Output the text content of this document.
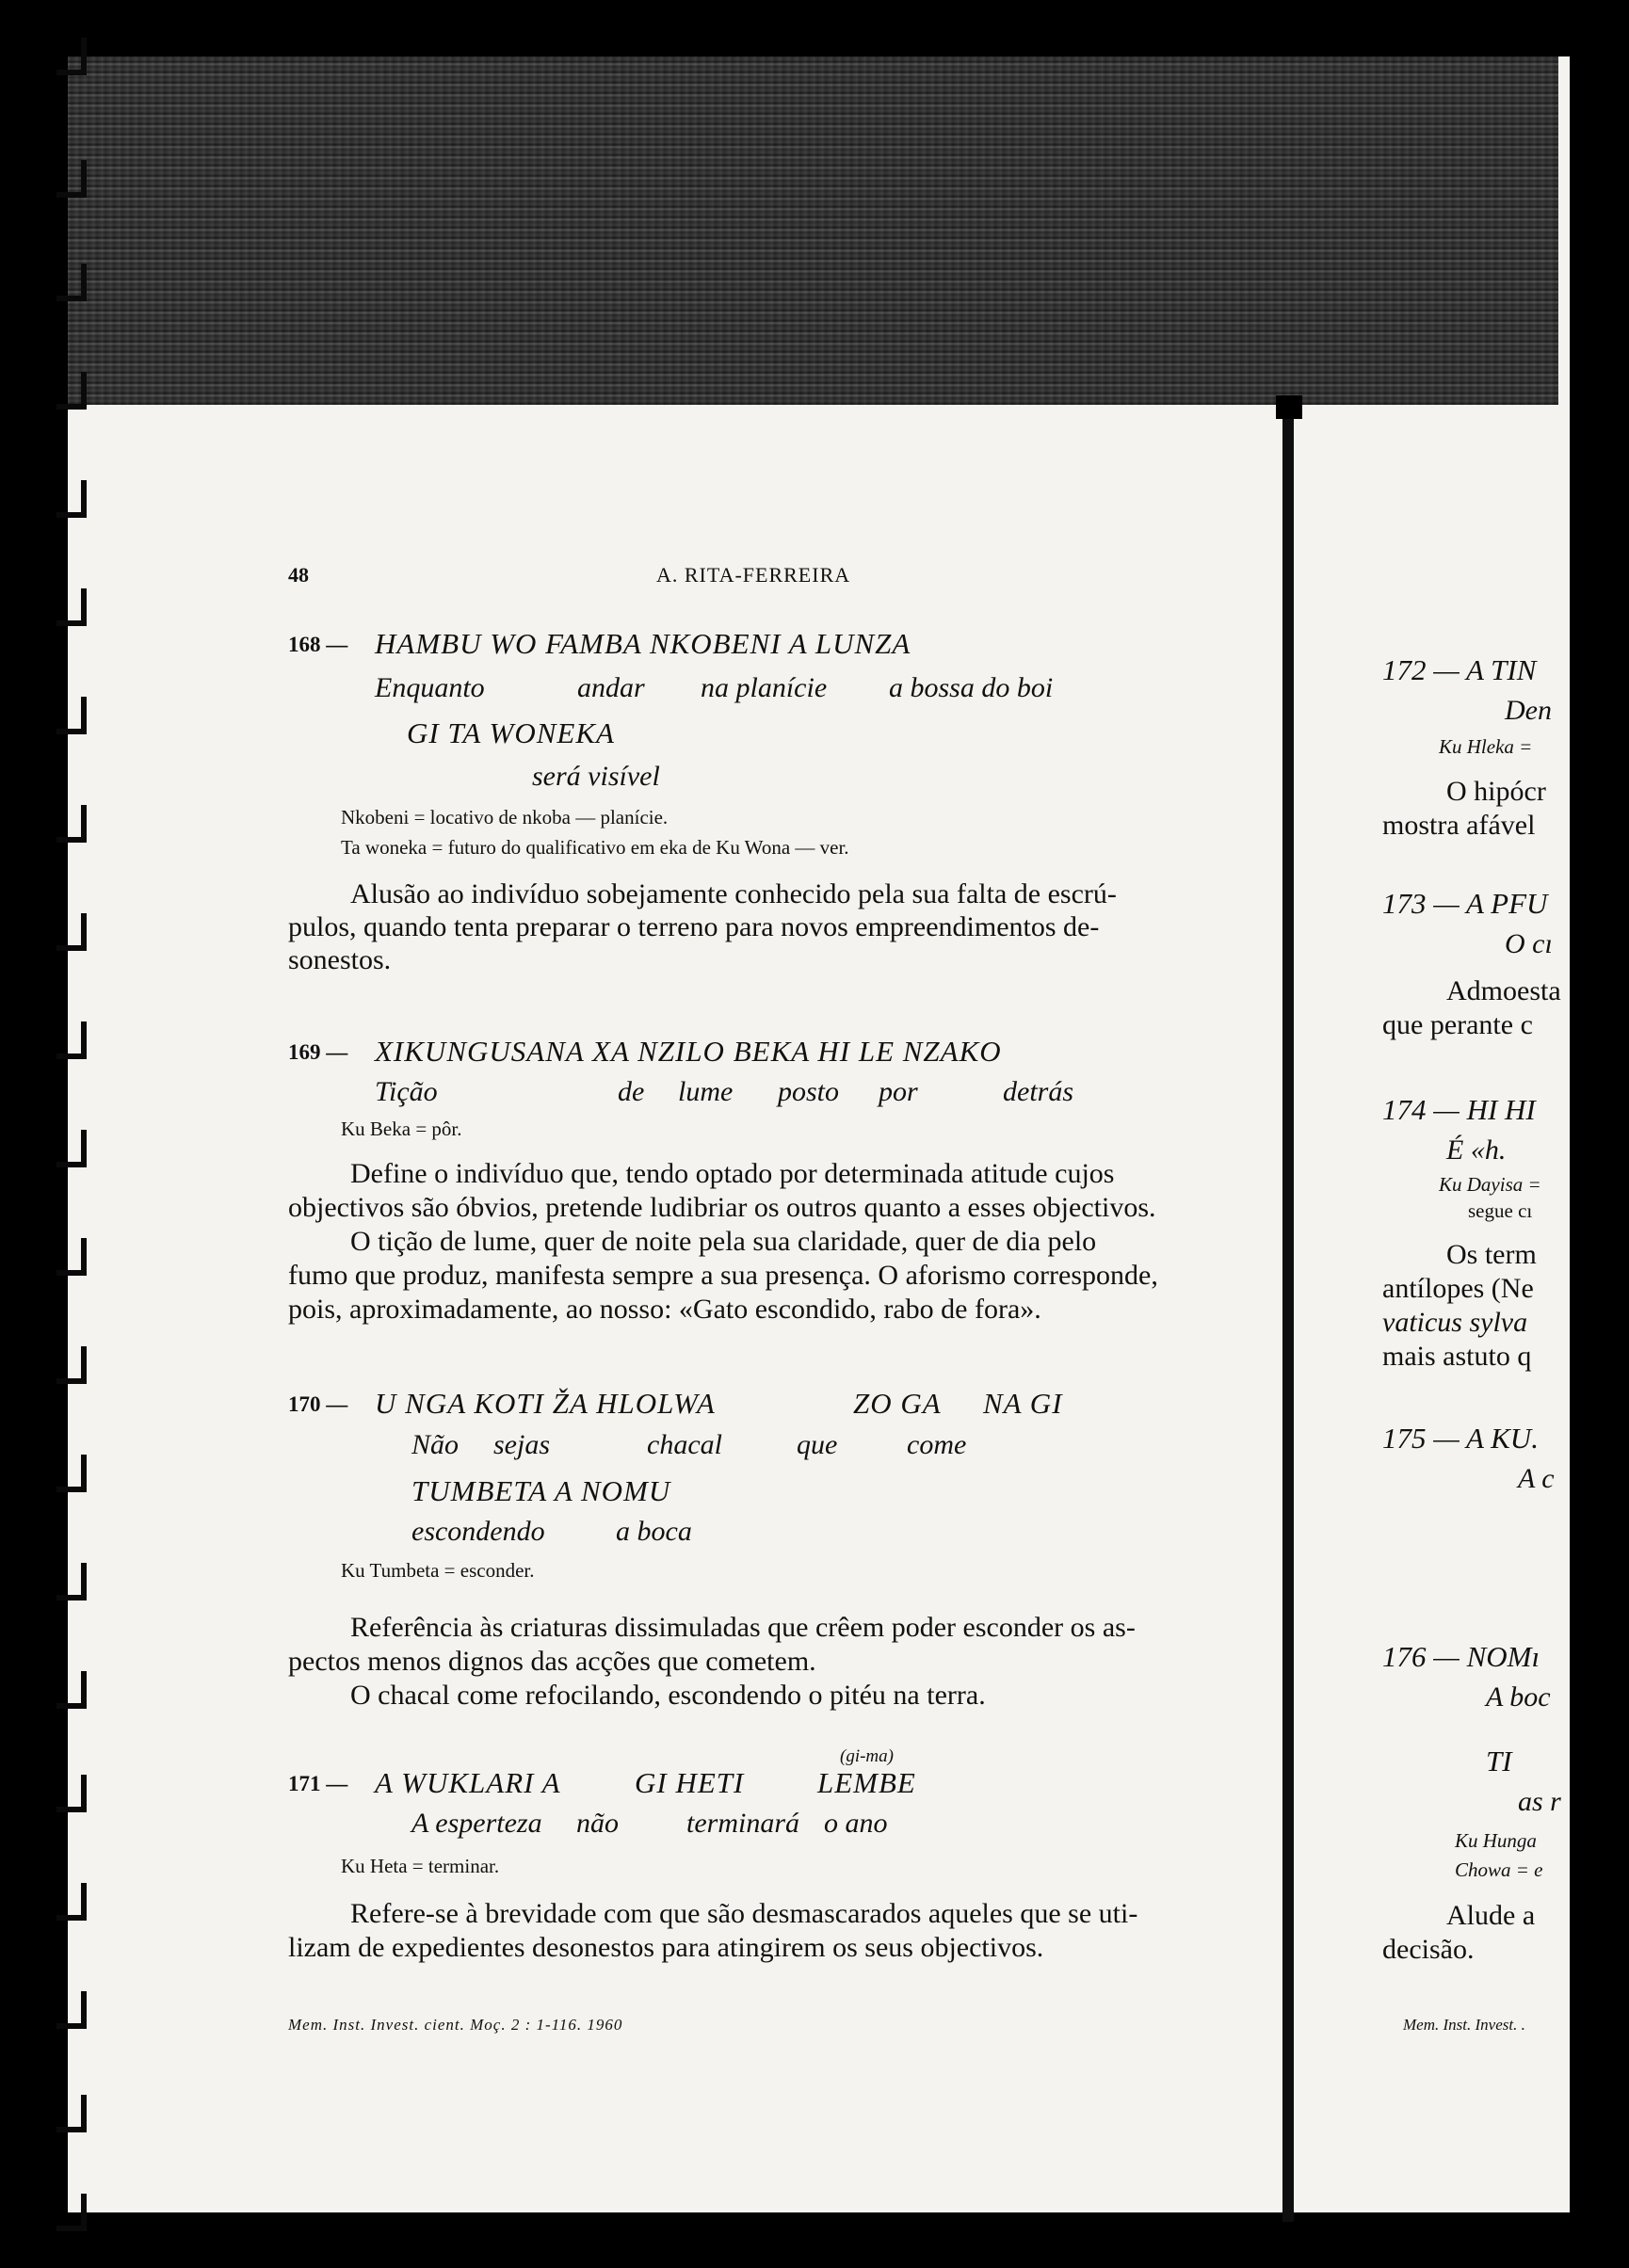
48	A. RITA-FERREIRA
168 — HAMBU WO FAMBA NKOBENI A LUNZA
Enquanto	andar na planície a bossa do boi
GI TA WONEKA
será visível
Nkobeni = locativo de nkoba — planície.
Ta woneka = futuro do qualificativo em eka de Ku Wona — ver.
Alusão ao indivíduo sobejamente conhecido pela sua falta de escrú-
pulos, quando tenta preparar o terreno para novos empreendimentos de-
sonestos.
169 — XIKUNGUSANA XA NZILO BEKA HI LE NZAKO
Tição	de lume posto por	detrás
Ku Beka = pôr.
Define o indivíduo que, tendo optado por determinada atitude cujos
objectivos são óbvios, pretende ludibriar os outros quanto a esses objectivos.
O tição de lume, quer de noite pela sua claridade, quer de dia pelo
fumo que produz, manifesta sempre a sua presença. O aforismo corresponde,
pois, aproximadamente, ao nosso: «Gato escondido, rabo de fora».
170 — U NGA KOTI ŽA HLOLWA	ZO GA NA GI
Não sejas	chacal	que come
TUMBETA A NOMU
escondendo	a boca
Ku Tumbeta = esconder.
Referência às criaturas dissimuladas que crêem poder esconder os as-
pectos menos dignos das acções que cometem.
O chacal come refocilando, escondendo o pitéu na terra.
(gi-ma)
171 — A WUKLARI A	GI HETI	LEMBE
A esperteza não terminará o ano
Ku Heta = terminar.
Refere-se à brevidade com que são desmascarados aqueles que se uti-
lizam de expedientes desonestos para atingirem os seus objectivos.
Mem. Inst. Invest. cient. Moç. 2 : 1-116. 1960
172 — A TIN
Den
Ku Hleka =
O hipócr
mostra afável
173 — A PFU
O cı
Admoesta
que perante c
174 — HI HI
É «h.
Ku Dayisa =
segue cı
Os term
antílopes (Ne
vaticus sylva
mais astuto q
175 — A KU.
A c
176 — NOMı
A boc
TI
as r
Ku Hunga
Chowa = e
Alude a
decisão.
Mem. Inst. Invest. .
